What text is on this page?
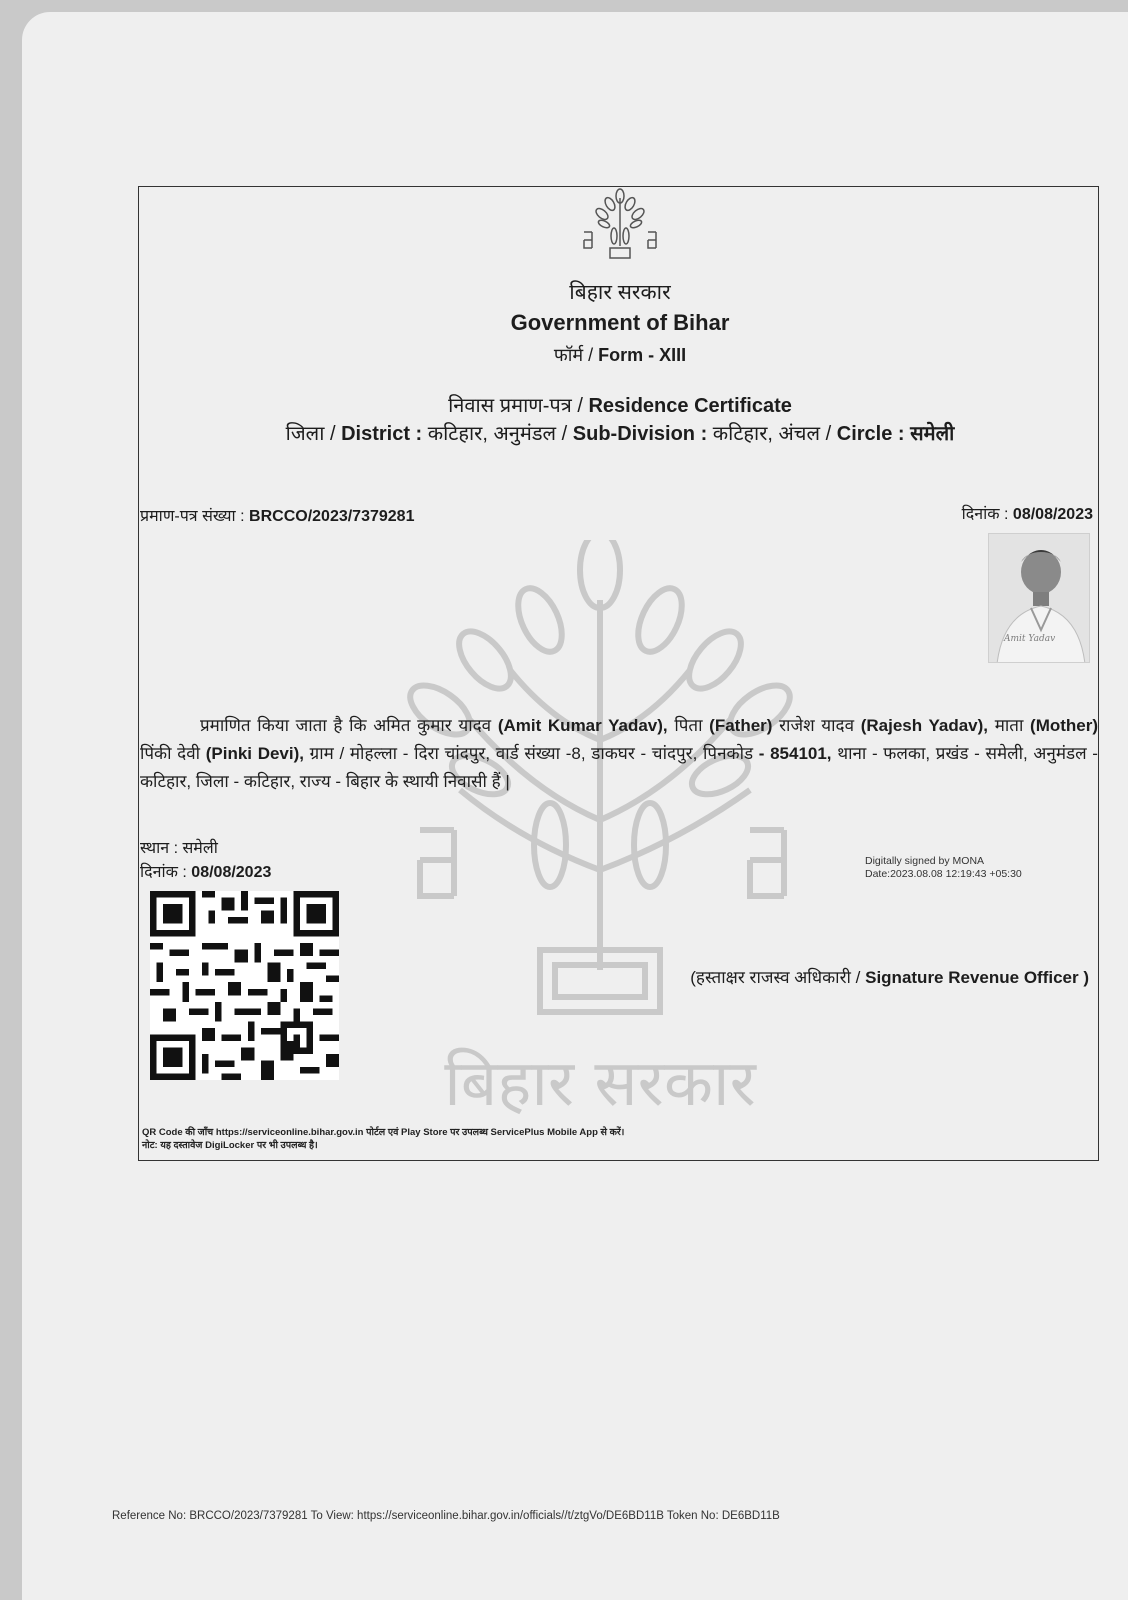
बिहार सरकार
बिहार सरकार
Government of Bihar
फॉर्म / Form - XIII
निवास प्रमाण-पत्र / Residence Certificate
जिला / District : कटिहार, अनुमंडल / Sub-Division : कटिहार, अंचल / Circle : समेली
प्रमाण-पत्र संख्या : BRCCO/2023/7379281	दिनांक : 08/08/2023
Amit Yadav
प्रमाणित किया जाता है कि अमित कुमार यादव (Amit Kumar Yadav), पिता (Father) राजेश यादव (Rajesh Yadav), माता (Mother) पिंकी देवी (Pinki Devi), ग्राम / मोहल्ला - दिरा चांदपुर, वार्ड संख्या -8, डाकघर - चांदपुर, पिनकोड - 854101, थाना - फलका, प्रखंड - समेली, अनुमंडल - कटिहार, जिला - कटिहार, राज्य - बिहार के स्थायी निवासी हैं |
स्थान : समेली
दिनांक : 08/08/2023
Digitally signed by MONA
Date:2023.08.08 12:19:43 +05:30
(हस्ताक्षर राजस्व अधिकारी / Signature Revenue Officer )
QR Code की जाँच https://serviceonline.bihar.gov.in पोर्टल एवं Play Store पर उपलब्ध ServicePlus Mobile App से करें।
नोट: यह दस्तावेज DigiLocker पर भी उपलब्ध है।
Reference No: BRCCO/2023/7379281 To View: https://serviceonline.bihar.gov.in/officials//t/ztgVo/DE6BD11B Token No: DE6BD11B
